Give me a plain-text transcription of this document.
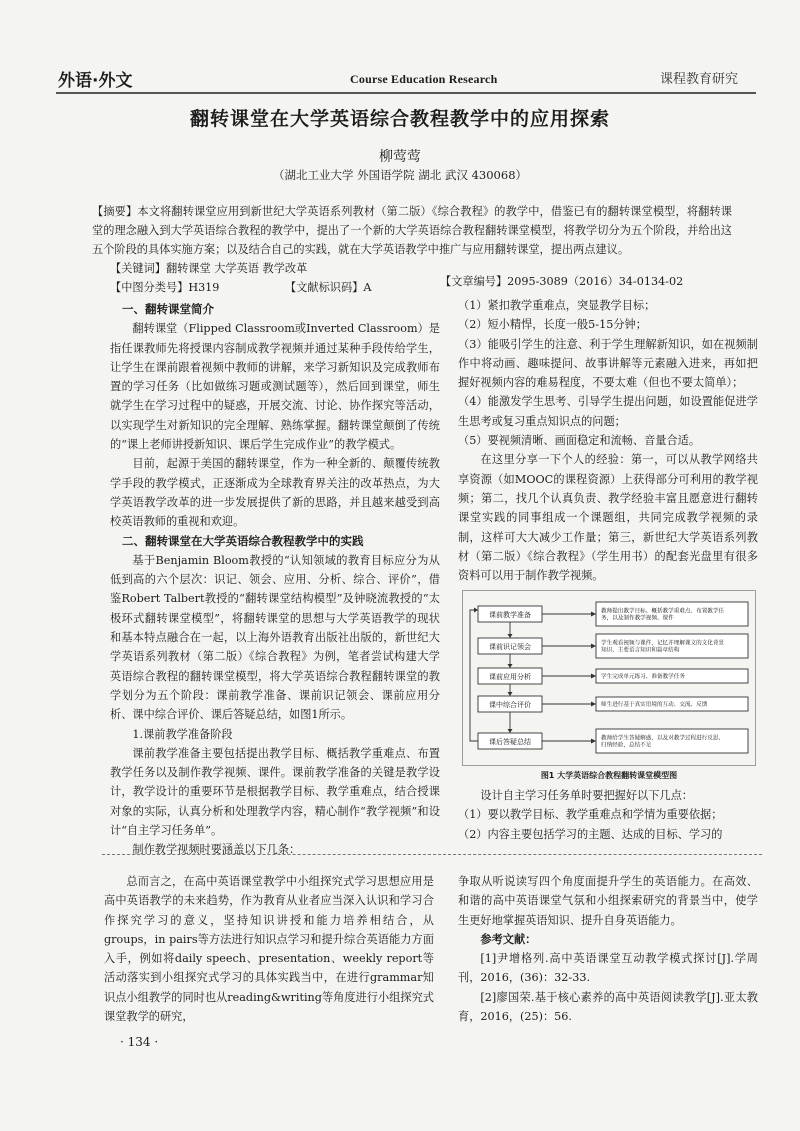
外语·外文	Course Education Research	课程教育研究
翻转课堂在大学英语综合教程教学中的应用探索
柳莺莺
（湖北工业大学 外国语学院 湖北 武汉 430068）
【摘要】本文将翻转课堂应用到新世纪大学英语系列教材（第二版）《综合教程》的教学中，借鉴已有的翻转课堂模型，将翻转课堂的理念融入到大学英语综合教程的教学中，提出了一个新的大学英语综合教程翻转课堂模型，将教学切分为五个阶段，并给出这五个阶段的具体实施方案；以及结合自己的实践，就在大学英语教学中推广与应用翻转课堂，提出两点建议。
【关键词】翻转课堂 大学英语 教学改革
【中图分类号】H319	【文献标识码】A	【文章编号】2095-3089（2016）34-0134-02

一、翻转课堂简介

翻转课堂（Flipped Classroom或Inverted Classroom）是指任课教师先将授课内容制成教学视频并通过某种手段传给学生，让学生在课前跟着视频中教师的讲解，来学习新知识及完成教师布置的学习任务（比如做练习题或测试题等），然后回到课堂，师生就学生在学习过程中的疑惑，开展交流、讨论、协作探究等活动，以实现学生对新知识的完全理解、熟练掌握。翻转课堂颠倒了传统的“课上老师讲授新知识、课后学生完成作业”的教学模式。

目前，起源于美国的翻转课堂，作为一种全新的、颠覆传统教学手段的教学模式，正逐渐成为全球教育界关注的改革热点，为大学英语教学改革的进一步发展提供了新的思路，并且越来越受到高校英语教师的重视和欢迎。

二、翻转课堂在大学英语综合教程教学中的实践

基于Benjamin Bloom教授的“认知领域的教育目标应分为从低到高的六个层次：识记、领会、应用、分析、综合、评价”，借鉴Robert Talbert教授的“翻转课堂结构模型”及钟晓流教授的“太极环式翻转课堂模型”，将翻转课堂的思想与大学英语教学的现状和基本特点融合在一起，以上海外语教育出版社出版的，新世纪大学英语系列教材（第二版）《综合教程》为例，笔者尝试构建大学英语综合教程的翻转课堂模型，将大学英语综合教程翻转课堂的教学划分为五个阶段：课前教学准备、课前识记领会、课前应用分析、课中综合评价、课后答疑总结，如图1所示。

1.课前教学准备阶段

课前教学准备主要包括提出教学目标、概括教学重难点、布置教学任务以及制作教学视频、课件。课前教学准备的关键是教学设计，教学设计的重要环节是根据教学目标、教学重难点，结合授课对象的实际，认真分析和处理教学内容，精心制作“教学视频”和设计“自主学习任务单”。

制作教学视频时要涵盖以下几条：

（1）紧扣教学重难点，突显教学目标；

（2）短小精悍，长度一般5-15分钟；

（3）能吸引学生的注意、利于学生理解新知识，如在视频制作中将动画、趣味提问、故事讲解等元素融入进来，再如把握好视频内容的难易程度，不要太难（但也不要太简单）；

（4）能激发学生思考、引导学生提出问题，如设置能促进学生思考或复习重点知识点的问题；

（5）要视频清晰、画面稳定和流畅、音量合适。

在这里分享一下个人的经验：第一，可以从教学网络共享资源（如MOOC的课程资源）上获得部分可利用的教学视频；第二，找几个认真负责、教学经验丰富且愿意进行翻转课堂实践的同事组成一个课题组，共同完成教学视频的录制，这样可大大减少工作量；第三，新世纪大学英语系列教材（第二版）《综合教程》（学生用书）的配套光盘里有很多资料可以用于制作教学视频。

课前教学准备	教师提出教学目标、概括教学重难点、布置教学任务，以及制作教学视频、课件
课前识记领会	学生观看视频与课件，记忆并理解课文的文化背景知识、主要语言知识和篇章结构
课前应用分析	学生完成单元练习、准备教学任务
课中综合评价	师生进行基于真实语境的互动、交流、反馈
课后答疑总结	教师给学生答疑解惑，以及对教学过程进行反思、归纳经验，总结不足
图1 大学英语综合教程翻转课堂模型图

设计自主学习任务单时要把握好以下几点：

（1）要以教学目标、教学重难点和学情为重要依据；

（2）内容主要包括学习的主题、达成的目标、学习的

总而言之，在高中英语课堂教学中小组探究式学习思想应用是高中英语教学的未来趋势，作为教育从业者应当深入认识和学习合作探究学习的意义，坚持知识讲授和能力培养相结合，从groups，in pairs等方法进行知识点学习和提升综合英语能力方面入手，例如将daily speech、presentation、weekly report等活动落实到小组探究式学习的具体实践当中，在进行grammar知识点小组教学的同时也从reading&writing等角度进行小组探究式课堂教学的研究，

争取从听说读写四个角度面提升学生的英语能力。在高效、和谐的高中英语课堂气氛和小组探索研究的背景当中，使学生更好地掌握英语知识、提升自身英语能力。

参考文献：

[1]尹增格列.高中英语课堂互动教学模式探讨[J].学周刊，2016，(36)：32-33.

[2]廖国荣.基于核心素养的高中英语阅读教学[J].亚太教育，2016，(25)：56.

· 134 ·
